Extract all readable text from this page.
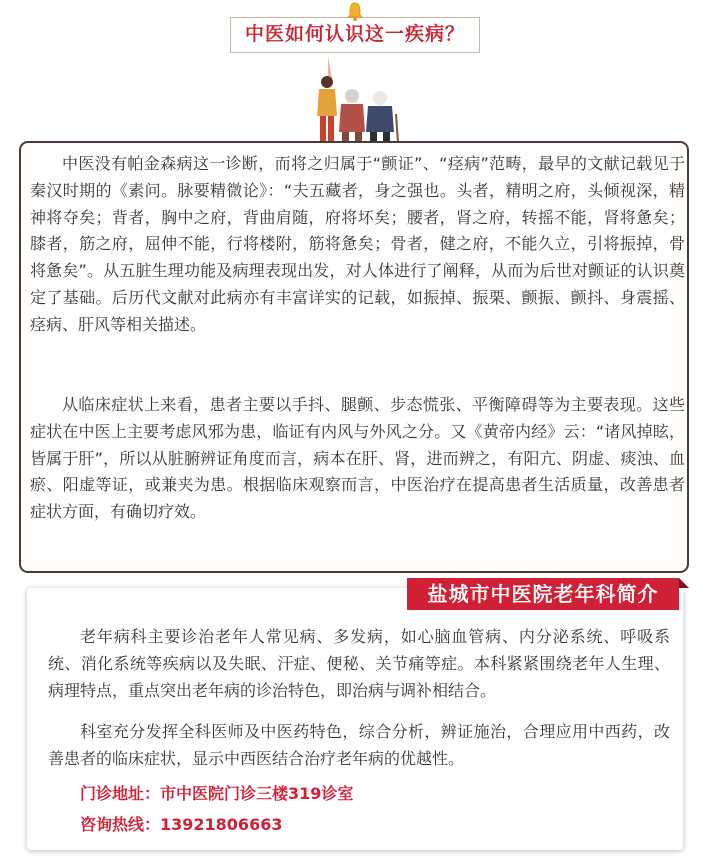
中医如何认识这一疾病？

中医没有帕金森病这一诊断，而将之归属于“颤证”、“痉病”范畴，最早的文献记载见于秦汉时期的《素问。脉要精微论》：“夫五藏者，身之强也。头者，精明之府，头倾视深，精神将夺矣；背者，胸中之府，背曲肩随，府将坏矣；腰者，肾之府，转摇不能，肾将惫矣；膝者，筋之府，屈伸不能，行将楼附，筋将惫矣；骨者，健之府，不能久立，引将振掉，骨将惫矣”。从五脏生理功能及病理表现出发，对人体进行了阐释，从而为后世对颤证的认识奠定了基础。后历代文献对此病亦有丰富详实的记载，如振掉、振栗、颤振、颤抖、身震摇、痉病、肝风等相关描述。

从临床症状上来看，患者主要以手抖、腿颤、步态慌张、平衡障碍等为主要表现。这些症状在中医上主要考虑风邪为患，临证有内风与外风之分。又《黄帝内经》云：“诸风掉眩，皆属于肝”，所以从脏腑辨证角度而言，病本在肝、肾，进而辨之，有阳亢、阴虚、痰浊、血瘀、阳虚等证，或兼夹为患。根据临床观察而言，中医治疗在提高患者生活质量，改善患者症状方面，有确切疗效。

盐城市中医院老年科简介

老年病科主要诊治老年人常见病、多发病，如心脑血管病、内分泌系统、呼吸系统、消化系统等疾病以及失眠、汗症、便秘、关节痛等症。本科紧紧围绕老年人生理、病理特点，重点突出老年病的诊治特色，即治病与调补相结合。

科室充分发挥全科医师及中医药特色，综合分析，辨证施治，合理应用中西药，改善患者的临床症状，显示中西医结合治疗老年病的优越性。

门诊地址：市中医院门诊三楼319诊室

咨询热线：13921806663
